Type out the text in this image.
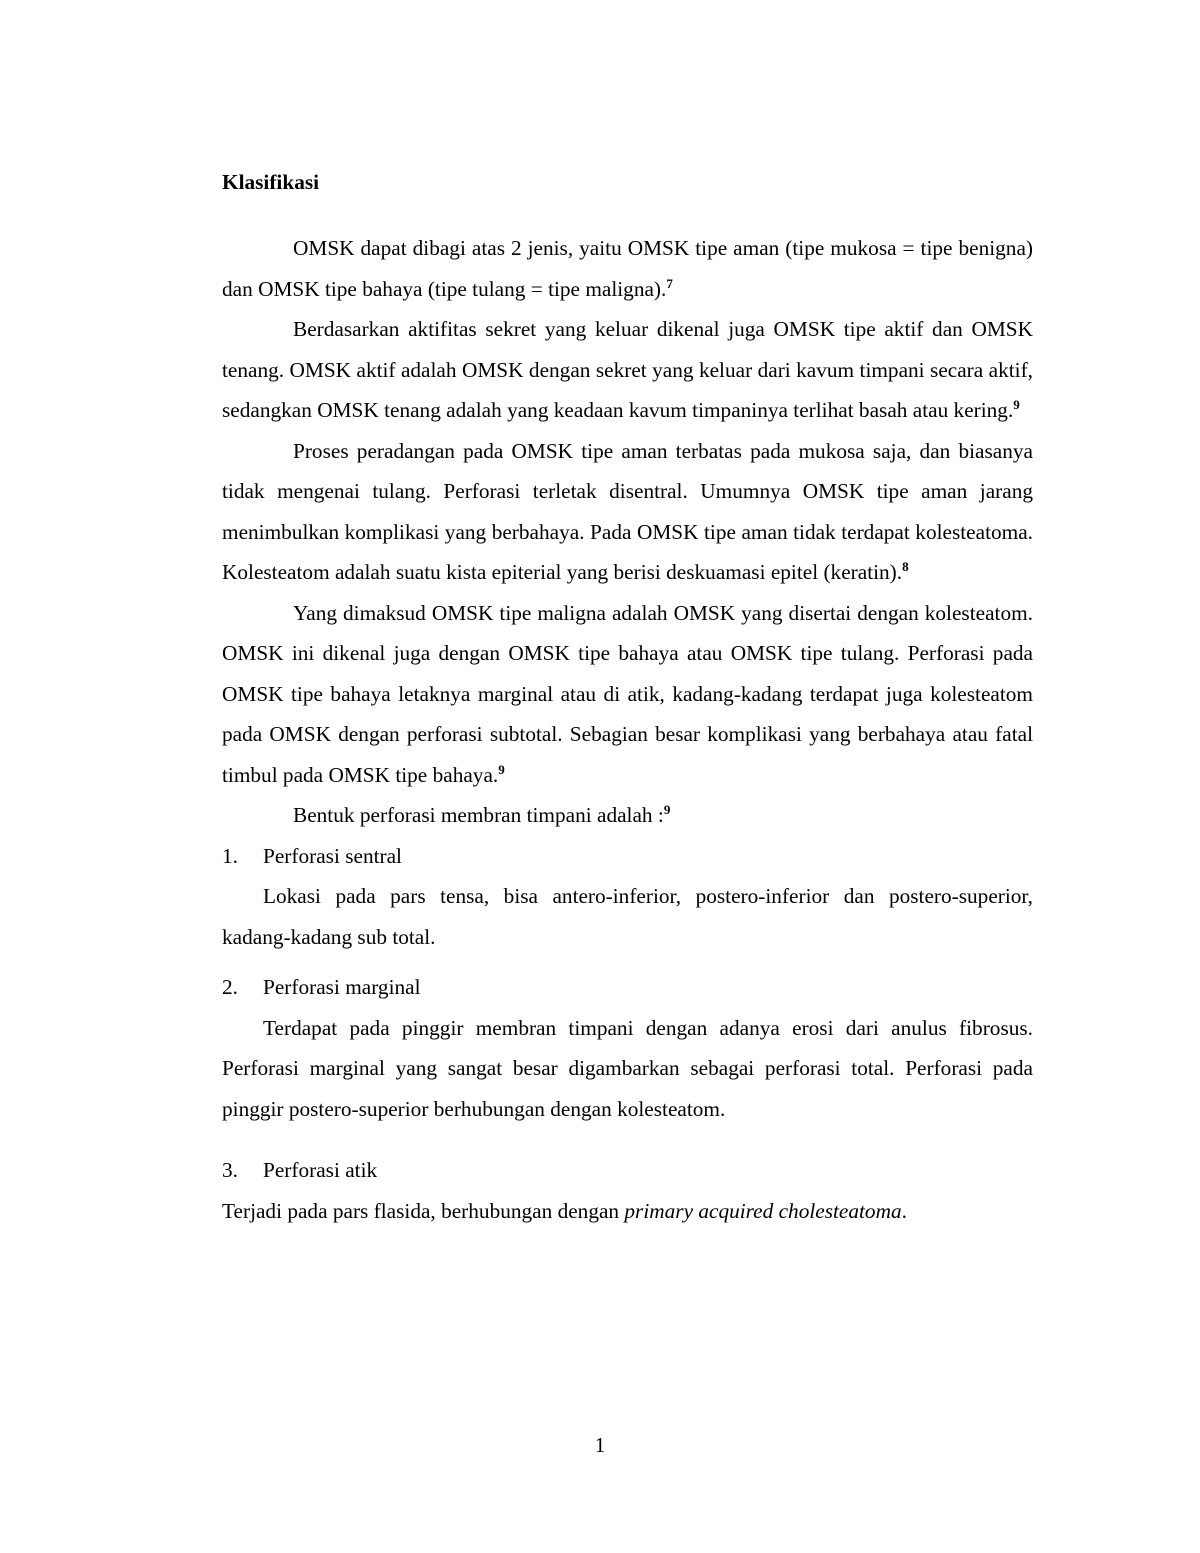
Klasifikasi

OMSK dapat dibagi atas 2 jenis, yaitu OMSK tipe aman (tipe mukosa = tipe benigna) dan OMSK tipe bahaya (tipe tulang = tipe maligna).$^7$

Berdasarkan aktifitas sekret yang keluar dikenal juga OMSK tipe aktif dan OMSK tenang. OMSK aktif adalah OMSK dengan sekret yang keluar dari kavum timpani secara aktif, sedangkan OMSK tenang adalah yang keadaan kavum timpaninya terlihat basah atau kering.$^9$

Proses peradangan pada OMSK tipe aman terbatas pada mukosa saja, dan biasanya tidak mengenai tulang. Perforasi terletak disentral. Umumnya OMSK tipe aman jarang menimbulkan komplikasi yang berbahaya. Pada OMSK tipe aman tidak terdapat kolesteatoma. Kolesteatom adalah suatu kista epiterial yang berisi deskuamasi epitel (keratin).$^8$

Yang dimaksud OMSK tipe maligna adalah OMSK yang disertai dengan kolesteatom. OMSK ini dikenal juga dengan OMSK tipe bahaya atau OMSK tipe tulang. Perforasi pada OMSK tipe bahaya letaknya marginal atau di atik, kadang-kadang terdapat juga kolesteatom pada OMSK dengan perforasi subtotal. Sebagian besar komplikasi yang berbahaya atau fatal timbul pada OMSK tipe bahaya.$^9$

Bentuk perforasi membran timpani adalah :$^9$

1.	Perforasi sentral

Lokasi pada pars tensa, bisa antero-inferior, postero-inferior dan postero-superior, kadang-kadang sub total.

2.	Perforasi marginal

Terdapat pada pinggir membran timpani dengan adanya erosi dari anulus fibrosus. Perforasi marginal yang sangat besar digambarkan sebagai perforasi total. Perforasi pada pinggir postero-superior berhubungan dengan kolesteatom.

3.	Perforasi atik

Terjadi pada pars flasida, berhubungan dengan primary acquired cholesteatoma.

1
